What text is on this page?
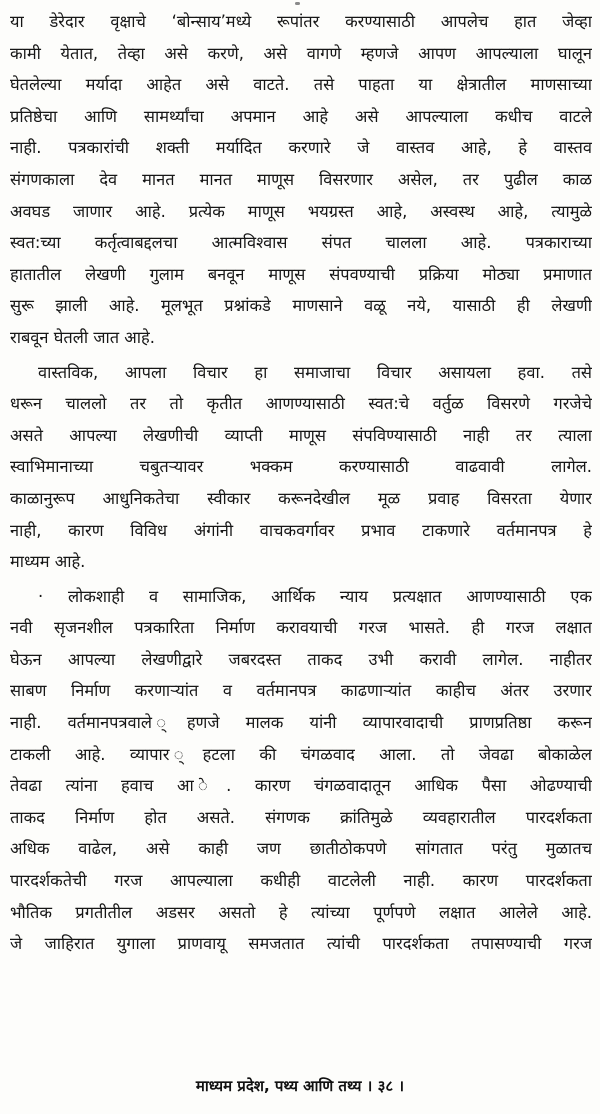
या डेरेदार वृक्षाचे ‘बोन्साय’मध्ये रूपांतर करण्यासाठी आपलेच हात जेव्हा
कामी येतात, तेव्हा असे करणे, असे वागणे म्हणजे आपण आपल्याला घालून
घेतलेल्या मर्यादा आहेत असे वाटते. तसे पाहता या क्षेत्रातील माणसाच्या
प्रतिष्ठेचा आणि सामर्थ्यांचा अपमान आहे असे आपल्याला कधीच वाटले
नाही. पत्रकारांची शक्ती मर्यादित करणारे जे वास्तव आहे, हे वास्तव
संगणकाला देव मानत मानत माणूस विसरणार असेल, तर पुढील काळ
अवघड जाणार आहे. प्रत्येक माणूस भयग्रस्त आहे, अस्वस्थ आहे, त्यामुळे
स्वत:च्या कर्तृत्वाबद्दलचा आत्मविश्वास संपत चालला आहे. पत्रकाराच्या
हातातील लेखणी गुलाम बनवून माणूस संपवण्याची प्रक्रिया मोठ्या प्रमाणात
सुरू झाली आहे. मूलभूत प्रश्नांकडे माणसाने वळू नये, यासाठी ही लेखणी
राबवून घेतली जात आहे.
वास्तविक, आपला विचार हा समाजाचा विचार असायला हवा. तसे
धरून चाललो तर तो कृतीत आणण्यासाठी स्वत:चे वर्तुळ विसरणे गरजेचे
असते आपल्या लेखणीची व्याप्ती माणूस संपविण्यासाठी नाही तर त्याला
स्वाभिमानाच्या चबुतऱ्यावर भक्कम करण्यासाठी वाढवावी लागेल.
काळानुरूप आधुनिकतेचा स्वीकार करूनदेखील मूळ प्रवाह विसरता येणार
नाही, कारण विविध अंगांनी वाचकवर्गावर प्रभाव टाकणारे वर्तमानपत्र हे
माध्यम आहे.
· लोकशाही व सामाजिक, आर्थिक न्याय प्रत्यक्षात आणण्यासाठी एक
नवी सृजनशील पत्रकारिता निर्माण करावयाची गरज भासते. ही गरज लक्षात
घेऊन आपल्या लेखणीद्वारे जबरदस्त ताकद उभी करावी लागेल. नाहीतर
साबण निर्माण करणाऱ्यांत व वर्तमानपत्र काढणाऱ्यांत काहीच अंतर उरणार
नाही. वर्तमानपत्रवाले ्हणजे मालक यांनी व्यापारवादाची प्राणप्रतिष्ठा करून
टाकली आहे. व्यापार ्हटला की चंगळवाद आला. तो जेवढा बोकाळेल
तेवढा त्यांना हवाच आ े. कारण चंगळवादातून आधिक पैसा ओढण्याची
ताकद निर्माण होत असते. संगणक क्रांतिमुळे व्यवहारातील पारदर्शकता
अधिक वाढेल, असे काही जण छातीठोकपणे सांगतात परंतु मुळातच
पारदर्शकतेची गरज आपल्याला कधीही वाटलेली नाही. कारण पारदर्शकता
भौतिक प्रगतीतील अडसर असतो हे त्यांच्या पूर्णपणे लक्षात आलेले आहे.
जे जाहिरात युगाला प्राणवायू समजतात त्यांची पारदर्शकता तपासण्याची गरज
माध्यम प्रदेश, पथ्य आणि तथ्य । ३८ ।
